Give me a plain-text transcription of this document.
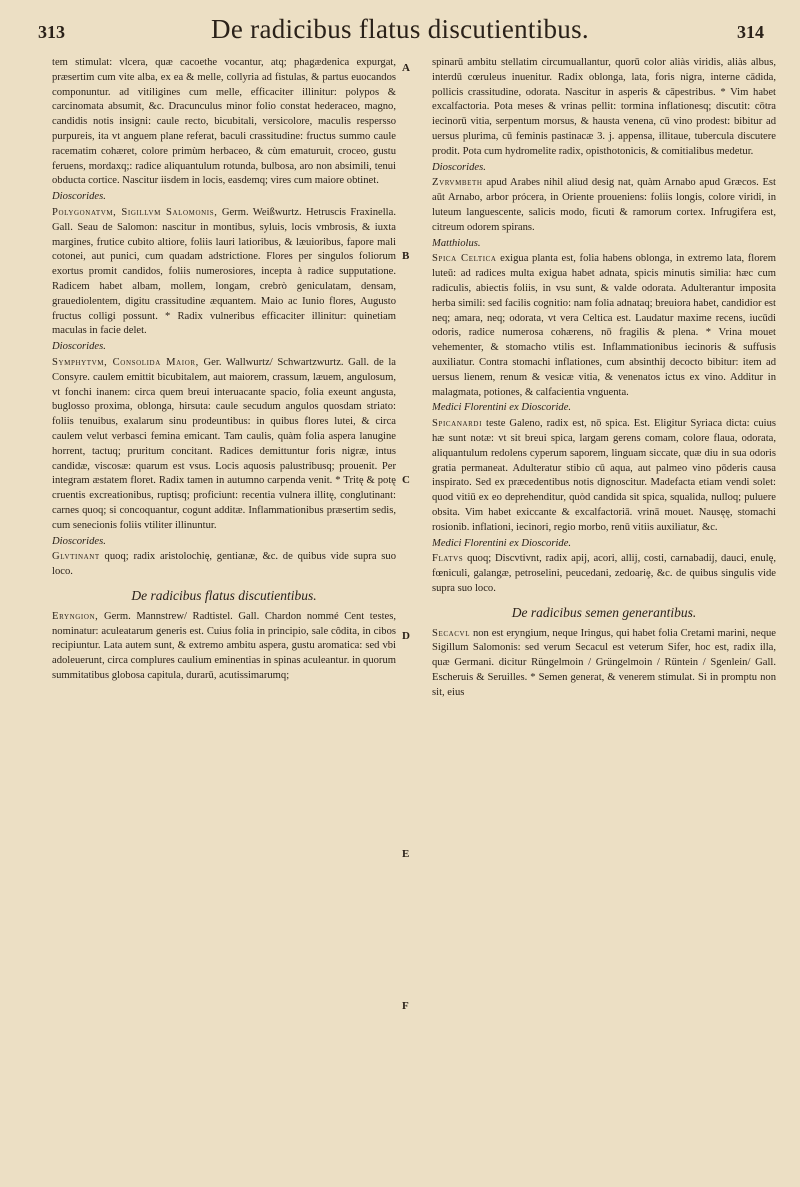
313	De radicibus flatus discutientibus.	314
A
B
C
D
E
F

tem stimulat: vlcera, quæ cacoethe vocantur, atq; phagædenica expurgat, præsertim cum vite alba, ex ea & melle, collyria ad fistulas, & partus euocandos componuntur. ad vitiligines cum melle, efficaciter illinitur: polypos & carcinomata absumit, &c. Dracunculus minor folio constat hederaceo, magno, candidis notis insigni: caule recto, bicubitali, versicolore, maculis respersso purpureis, ita vt anguem plane referat, baculi crassitudine: fructus summo caule racematim cohæret, colore primùm herbaceo, & cùm ematuruit, croceo, gustu feruens, mordaxq;: radice aliquantulum rotunda, bulbosa, aro non absimili, tenui obducta cortice. Nascitur iisdem in locis, easdemq; vires cum maiore obtinet.

Dioscorides.

Polygonatvm, Sigillvm Salomonis, Germ. Weißwurtz. Hetruscis Fraxinella. Gall. Seau de Salomon: nascitur in montibus, syluis, locis vmbrosis, & iuxta margines, frutice cubito altiore, foliis lauri latioribus, & læuioribus, fapore mali cotonei, aut punici, cum quadam adstrictione. Flores per singulos foliorum exortus promit candidos, foliis numerosiores, incepta à radice supputatione. Radicem habet albam, mollem, longam, crebrò geniculatam, densam, grauediolentem, digitu crassitudine æquantem. Maio ac Iunio flores, Augusto fructus colligi possunt. * Radix vulneribus efficaciter illinitur: quinetiam maculas in facie delet.

Dioscorides.

Symphytvm, Consolida Maior, Ger. Wallwurtz/ Schwartzwurtz. Gall. de la Consyre. caulem emittit bicubitalem, aut maiorem, crassum, læuem, angulosum, vt fonchi inanem: circa quem breui interuacante spacio, folia exeunt angusta, buglosso proxima, oblonga, hirsuta: caule secudum angulos quosdam striato: foliis tenuibus, exalarum sinu prodeuntibus: in quibus flores lutei, & circa caulem velut verbasci femina emicant. Tam caulis, quàm folia aspera lanugine horrent, tactuq; pruritum concitant. Radices demittuntur foris nigræ, intus candidæ, viscosæ: quarum est vsus. Locis aquosis palustribusq; prouenit. Per integram æstatem floret. Radix tamen in autumno carpenda venit. * Tritę & potę cruentis excreationibus, ruptisq; proficiunt: recentia vulnera illitę, conglutinant: carnes quoq; si concoquantur, cogunt additæ. Inflammationibus præsertim sedis, cum senecionis foliis vtiliter illinuntur.

Dioscorides.

Glvtinant quoq; radix aristolochię, gentianæ, &c. de quibus vide supra suo loco.

De radicibus flatus discutientibus.

Eryngion, Germ. Mannstrew/ Radtistel. Gall. Chardon nommé Cent testes, nominatur: aculeatarum generis est. Cuius folia in principio, sale côdita, in cibos recipiuntur. Lata autem sunt, & extremo ambitu aspera, gustu aromatica: sed vbi adoleuerunt, circa complures caulium eminentias in spinas aculeantur. in quorum summitatibus globosa capitula, durarū, acutissimarumq;

spinarū ambitu stellatim circumuallantur, quorū color aliàs viridis, aliàs albus, interdū cœruleus inuenitur. Radix oblonga, lata, foris nigra, interne cādida, pollicis crassitudine, odorata. Nascitur in asperis & cāpestribus. * Vim habet excalfactoria. Pota meses & vrinas pellit: tormina inflationesq; discutit: cōtra iecinorū vitia, serpentum morsus, & hausta venena, cū vino prodest: bibitur ad uersus plurima, cū feminis pastinacæ 3. j. appensa, illitaue, tubercula discutere prodit. Pota cum hydromelite radix, opisthotonicis, & comitialibus medetur.

Dioscorides.

Zvrvmbeth apud Arabes nihil aliud desig nat, quàm Arnabo apud Græcos. Est aūt Arnabo, arbor prócera, in Oriente proueniens: foliis longis, colore viridi, in luteum languescente, salicis modo, ficuti & ramorum cortex. Infrugifera est, citreum odorem spirans.

Matthiolus.

Spica Celtica exigua planta est, folia habens oblonga, in extremo lata, florem luteū: ad radices multa exigua habet adnata, spicis minutis similia: hæc cum radiculis, abiectis foliis, in vsu sunt, & valde odorata. Adulterantur imposita herba simili: sed facilis cognitio: nam folia adnataq; breuiora habet, candidior est neq; amara, neq; odorata, vt vera Celtica est. Laudatur maxime recens, iucūdi odoris, radice numerosa cohærens, nō fragilis & plena. * Vrina mouet vehementer, & stomacho vtilis est. Inflammationibus iecinoris & suffusis auxiliatur. Contra stomachi inflationes, cum absinthij decocto bibitur: item ad uersus lienem, renum & vesicæ vitia, & venenatos ictus ex vino. Additur in malagmata, potiones, & calfacientia vnguenta.

Medici Florentini ex Dioscoride.

Spicanardi teste Galeno, radix est, nō spica. Est. Eligitur Syriaca dicta: cuius hæ sunt notæ: vt sit breui spica, largam gerens comam, colore flaua, odorata, aliquantulum redolens cyperum saporem, linguam siccate, quæ diu in sua odoris gratia permaneat. Adulteratur stibio cū aqua, aut palmeo vino pōderis causa inspirato. Sed ex præcedentibus notis dignoscitur. Madefacta etiam vendi solet: quod vitiū ex eo deprehenditur, quòd candida sit spica, squalida, nulloq; puluere obsita. Vim habet exiccante & excalfactoriā. vrinā mouet. Nausęę, stomachi rosionib. inflationi, iecinori, regio morbo, renū vitiis auxiliatur, &c.

Medici Florentini ex Dioscoride.

Flatvs quoq; Discvtivnt, radix apij, acori, allij, costi, carnabadij, dauci, enulę, fœniculi, galangæ, petroselini, peucedani, zedoariȩ, &c. de quibus singulis vide supra suo loco.

De radicibus semen generantibus.

Secacvl non est eryngium, neque Iringus, qui habet folia Cretami marini, neque Sigillum Salomonis: sed verum Secacul est veterum Sifer, hoc est, radix illa, quæ Germani. dicitur Rüngelmoin / Grüngelmoin / Rüntein / Sgenlein/ Gall. Escheruis & Seruilles. * Semen generat, & venerem stimulat. Si in promptu non sit, eius
